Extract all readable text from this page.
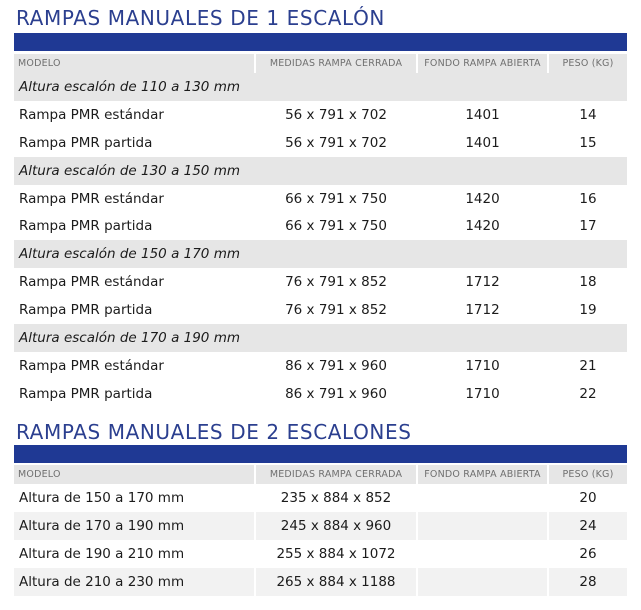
RAMPAS MANUALES DE 1 ESCALÓN
MODELO	MEDIDAS RAMPA CERRADA	FONDO RAMPA ABIERTA	PESO (KG)
Altura escalón de 110 a 130 mm			
Rampa PMR estándar	56 x 791 x 702	1401	14
Rampa PMR partida	56 x 791 x 702	1401	15
Altura escalón de 130 a 150 mm			
Rampa PMR estándar	66 x 791 x 750	1420	16
Rampa PMR partida	66 x 791 x 750	1420	17
Altura escalón de 150 a 170 mm			
Rampa PMR estándar	76 x 791 x 852	1712	18
Rampa PMR partida	76 x 791 x 852	1712	19
Altura escalón de 170 a 190 mm			
Rampa PMR estándar	86 x 791 x 960	1710	21
Rampa PMR partida	86 x 791 x 960	1710	22
RAMPAS MANUALES DE 2 ESCALONES
MODELO	MEDIDAS RAMPA CERRADA	FONDO RAMPA ABIERTA	PESO (KG)
Altura de 150 a 170 mm	235 x 884 x 852		20
Altura de 170 a 190 mm	245 x 884 x 960		24
Altura de 190 a 210 mm	255 x 884 x 1072		26
Altura de 210 a 230 mm	265 x 884 x 1188		28
